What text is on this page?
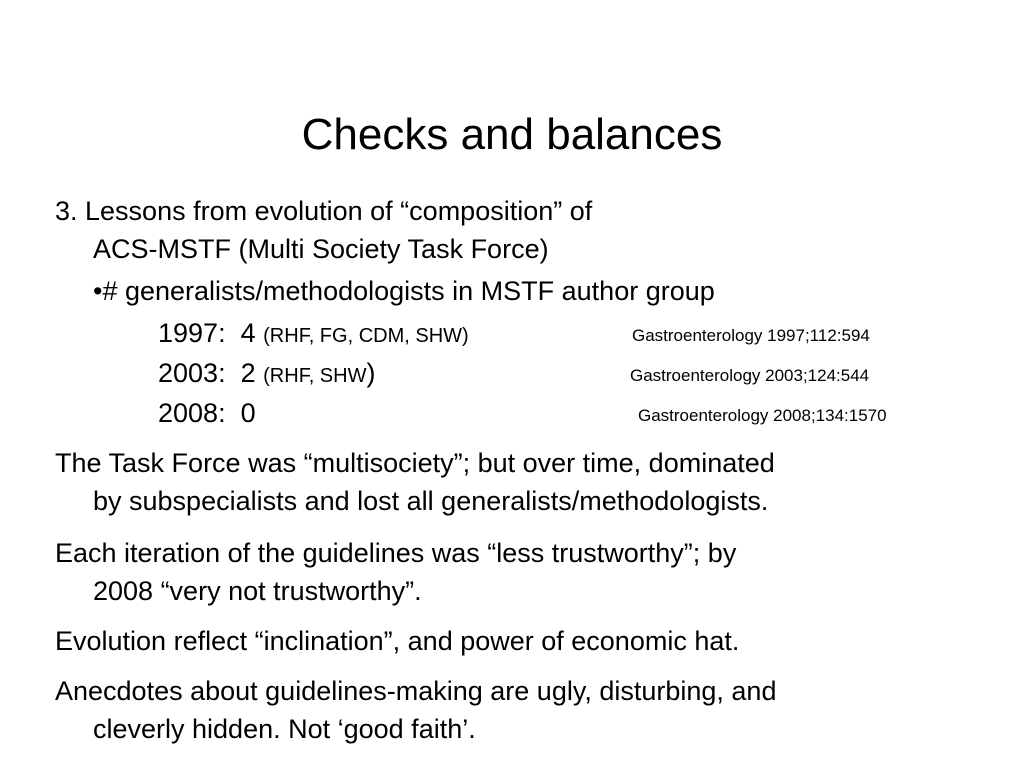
Checks and balances
3. Lessons from evolution of “composition” of
ACS-MSTF (Multi Society Task Force)
•# generalists/methodologists in MSTF author group
1997: 4 (RHF, FG, CDM, SHW)	Gastroenterology 1997;112:594
2003: 2 (RHF, SHW)	Gastroenterology 2003;124:544
2008: 0	Gastroenterology 2008;134:1570
The Task Force was “multisociety”; but over time, dominated
by subspecialists and lost all generalists/methodologists.
Each iteration of the guidelines was “less trustworthy”; by
2008 “very not trustworthy”.
Evolution reflect “inclination”, and power of economic hat.
Anecdotes about guidelines-making are ugly, disturbing, and
cleverly hidden. Not ‘good faith’.
